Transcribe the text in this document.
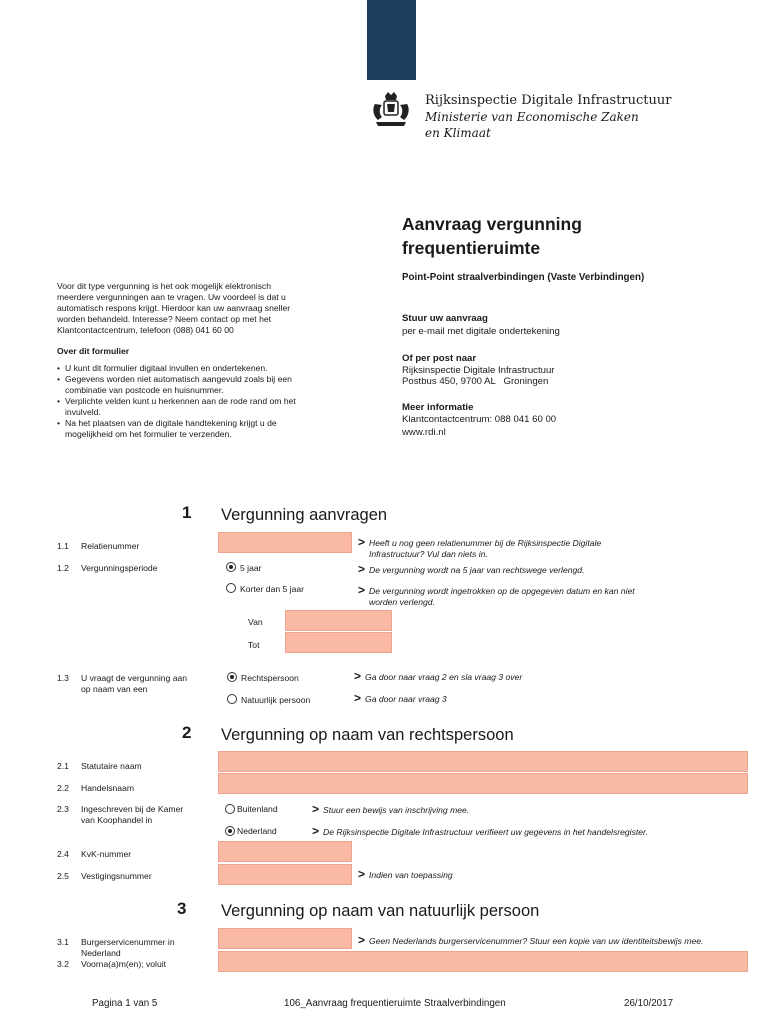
Rijksinspectie Digitale Infrastructuur
Ministerie van Economische Zaken
en Klimaat
Aanvraag vergunning
frequentieruimte
Point-Point straalverbindingen (Vaste Verbindingen)
Stuur uw aanvraag
per e-mail met digitale ondertekening
Of per post naar
Rijksinspectie Digitale Infrastructuur
Postbus 450, 9700 AL   Groningen
Meer informatie
Klantcontactcentrum: 088 041 60 00
www.rdi.nl
Voor dit type vergunning is het ook mogelijk elektronisch
meerdere vergunningen aan te vragen. Uw voordeel is dat u
automatisch respons krijgt. Hierdoor kan uw aanvraag sneller
worden behandeld. Interesse? Neem contact op met het
Klantcontactcentrum, telefoon (088) 041 60 00
Over dit formulier
• U kunt dit formulier digitaal invullen en ondertekenen.
• Gegevens worden niet automatisch aangevuld zoals bij een
combinatie van postcode en huisnummer.
• Verplichte velden kunt u herkennen aan de rode rand om het
invulveld.
• Na het plaatsen van de digitale handtekening krijgt u de
mogelijkheid om het formulier te verzenden.
1 Vergunning aanvragen
1.1 Relatienummer	> Heeft u nog geen relatienummer bij de Rijksinspectie Digitale
Infrastructuur? Vul dan niets in.
1.2 Vergunningsperiode	5 jaar	> De vergunning wordt na 5 jaar van rechtswege verlengd.
Korter dan 5 jaar	> De vergunning wordt ingetrokken op de opgegeven datum en kan niet
worden verlengd.
Van
Tot
1.3 U vraagt de vergunning aan
op naam van een
Rechtspersoon	> Ga door naar vraag 2 en sla vraag 3 over
Natuurlijk persoon	> Ga door naar vraag 3
2 Vergunning op naam van rechtspersoon
2.1 Statutaire naam
2.2 Handelsnaam
2.3 Ingeschreven bij de Kamer
van Koophandel in
Buitenland	> Stuur een bewijs van inschrijving mee.
Nederland	> De Rijksinspectie Digitale Infrastructuur verifieert uw gegevens in het handelsregister.
2.4 KvK-nummer
2.5 Vestigingsnummer	> Indien van toepassing
3 Vergunning op naam van natuurlijk persoon
3.1 Burgerservicenummer in
Nederland
> Geen Nederlands burgerservicenummer? Stuur een kopie van uw identiteitsbewijs mee.
3.2 Voorna(a)m(en); voluit
Pagina 1 van 5	106_Aanvraag frequentieruimte Straalverbindingen	26/10/2017
